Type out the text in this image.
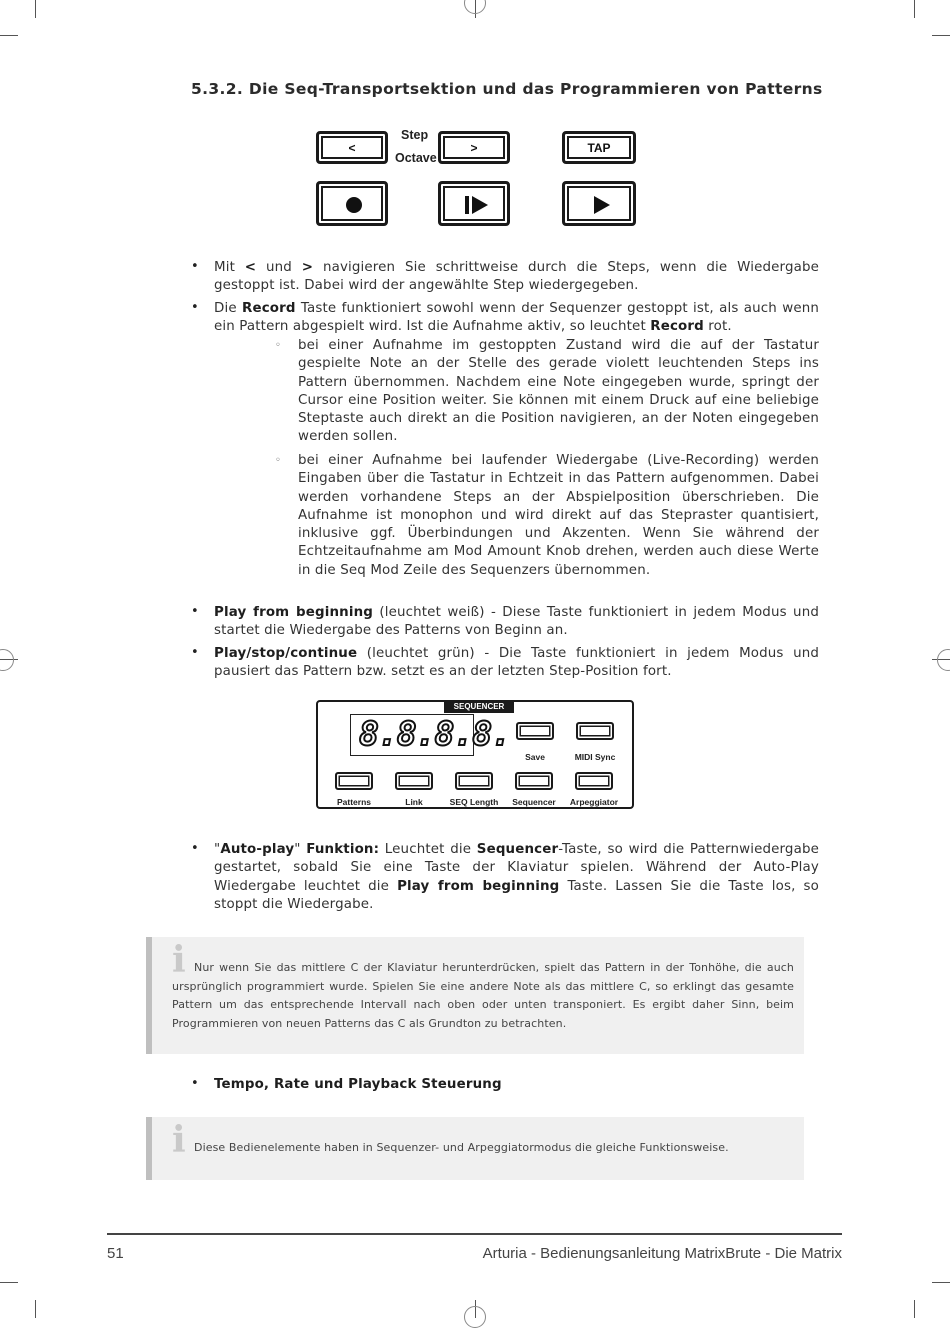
5.3.2. Die Seq-Transportsektion und das Programmieren von Patterns
<
Step
Octave
>	TAP
• Mit < und > navigieren Sie schrittweise durch die Steps, wenn die Wiedergabe gestoppt ist. Dabei wird der angewählte Step wiedergegeben.
• Die Record Taste funktioniert sowohl wenn der Sequenzer gestoppt ist, als auch wenn ein Pattern abgespielt wird. Ist die Aufnahme aktiv, so leuchtet Record rot.
◦ bei einer Aufnahme im gestoppten Zustand wird die auf der Tastatur gespielte Note an der Stelle des gerade violett leuchtenden Steps ins Pattern übernommen. Nachdem eine Note eingegeben wurde, springt der Cursor eine Position weiter. Sie können mit einem Druck auf eine beliebige Steptaste auch direkt an die Position navigieren, an der Noten eingegeben werden sollen.
◦ bei einer Aufnahme bei laufender Wiedergabe (Live-Recording) werden Eingaben über die Tastatur in Echtzeit in das Pattern aufgenommen. Dabei werden vorhandene Steps an der Abspielposition überschrieben. Die Aufnahme ist monophon und wird direkt auf das Stepraster quantisiert, inklusive ggf. Überbindungen und Akzenten. Wenn Sie während der Echtzeitaufnahme am Mod Amount Knob drehen, werden auch diese Werte in die Seq Mod Zeile des Sequenzers übernommen.
• Play from beginning (leuchtet weiß) - Diese Taste funktioniert in jedem Modus und startet die Wiedergabe des Patterns von Beginn an.
• Play/stop/continue (leuchtet grün) - Die Taste funktioniert in jedem Modus und pausiert das Pattern bzw. setzt es an der letzten Step-Position fort.
SEQUENCER
8.8.8.8.
Save	MIDI Sync
Patterns	Link	SEQ Length Sequencer Arpeggiator
• "Auto-play" Funktion: Leuchtet die Sequencer-Taste, so wird die Patternwiedergabe gestartet, sobald Sie eine Taste der Klaviatur spielen. Während der Auto-Play Wiedergabe leuchtet die Play from beginning Taste. Lassen Sie die Taste los, so stoppt die Wiedergabe.
i Nur wenn Sie das mittlere C der Klaviatur herunterdrücken, spielt das Pattern in der Tonhöhe, die auch ursprünglich programmiert wurde. Spielen Sie eine andere Note als das mittlere C, so erklingt das gesamte Pattern um das entsprechende Intervall nach oben oder unten transponiert. Es ergibt daher Sinn, beim Programmieren von neuen Patterns das C als Grundton zu betrachten.
• Tempo, Rate und Playback Steuerung
i Diese Bedienelemente haben in Sequenzer- und Arpeggiatormodus die gleiche Funktionsweise.
51	Arturia - Bedienungsanleitung MatrixBrute - Die Matrix
